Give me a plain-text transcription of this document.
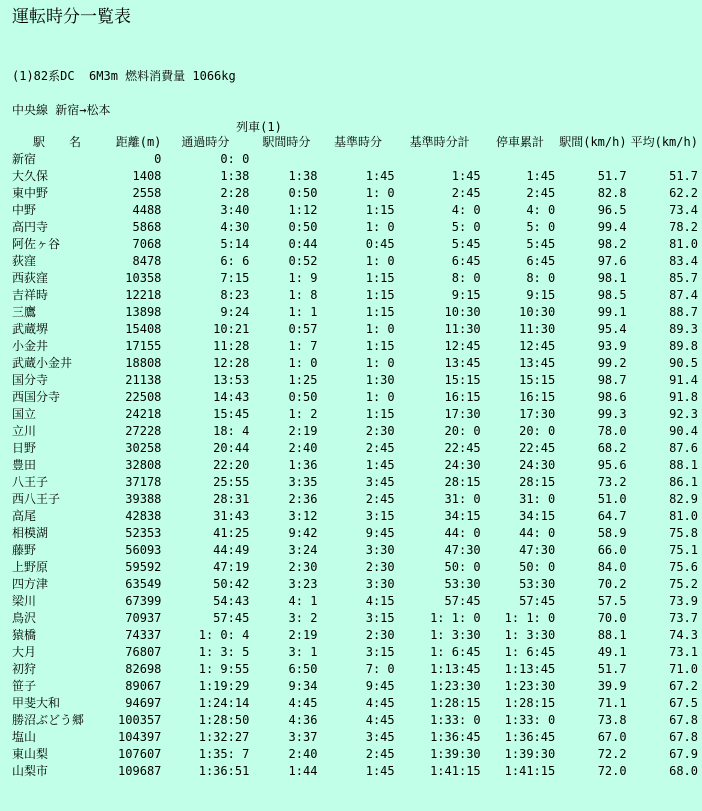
運転時分一覧表
(1)82系DC  6M3m 燃料消費量 1066kg
中央線 新宿→松本
列車(1)
駅　　名	距離(m)	通過時分	駅間時分	基準時分	基準時分計	停車累計	駅間(km/h)	平均(km/h)
新宿	0	0: 0						
大久保	1408	1:38	1:38	1:45	1:45	1:45	51.7	51.7
東中野	2558	2:28	0:50	1: 0	2:45	2:45	82.8	62.2
中野	4488	3:40	1:12	1:15	4: 0	4: 0	96.5	73.4
高円寺	5868	4:30	0:50	1: 0	5: 0	5: 0	99.4	78.2
阿佐ヶ谷	7068	5:14	0:44	0:45	5:45	5:45	98.2	81.0
荻窪	8478	6: 6	0:52	1: 0	6:45	6:45	97.6	83.4
西荻窪	10358	7:15	1: 9	1:15	8: 0	8: 0	98.1	85.7
吉祥時	12218	8:23	1: 8	1:15	9:15	9:15	98.5	87.4
三鷹	13898	9:24	1: 1	1:15	10:30	10:30	99.1	88.7
武蔵堺	15408	10:21	0:57	1: 0	11:30	11:30	95.4	89.3
小金井	17155	11:28	1: 7	1:15	12:45	12:45	93.9	89.8
武蔵小金井	18808	12:28	1: 0	1: 0	13:45	13:45	99.2	90.5
国分寺	21138	13:53	1:25	1:30	15:15	15:15	98.7	91.4
西国分寺	22508	14:43	0:50	1: 0	16:15	16:15	98.6	91.8
国立	24218	15:45	1: 2	1:15	17:30	17:30	99.3	92.3
立川	27228	18: 4	2:19	2:30	20: 0	20: 0	78.0	90.4
日野	30258	20:44	2:40	2:45	22:45	22:45	68.2	87.6
豊田	32808	22:20	1:36	1:45	24:30	24:30	95.6	88.1
八王子	37178	25:55	3:35	3:45	28:15	28:15	73.2	86.1
西八王子	39388	28:31	2:36	2:45	31: 0	31: 0	51.0	82.9
高尾	42838	31:43	3:12	3:15	34:15	34:15	64.7	81.0
相模湖	52353	41:25	9:42	9:45	44: 0	44: 0	58.9	75.8
藤野	56093	44:49	3:24	3:30	47:30	47:30	66.0	75.1
上野原	59592	47:19	2:30	2:30	50: 0	50: 0	84.0	75.6
四方津	63549	50:42	3:23	3:30	53:30	53:30	70.2	75.2
梁川	67399	54:43	4: 1	4:15	57:45	57:45	57.5	73.9
鳥沢	70937	57:45	3: 2	3:15	1: 1: 0	1: 1: 0	70.0	73.7
猿橋	74337	1: 0: 4	2:19	2:30	1: 3:30	1: 3:30	88.1	74.3
大月	76807	1: 3: 5	3: 1	3:15	1: 6:45	1: 6:45	49.1	73.1
初狩	82698	1: 9:55	6:50	7: 0	1:13:45	1:13:45	51.7	71.0
笹子	89067	1:19:29	9:34	9:45	1:23:30	1:23:30	39.9	67.2
甲斐大和	94697	1:24:14	4:45	4:45	1:28:15	1:28:15	71.1	67.5
勝沼ぶどう郷	100357	1:28:50	4:36	4:45	1:33: 0	1:33: 0	73.8	67.8
塩山	104397	1:32:27	3:37	3:45	1:36:45	1:36:45	67.0	67.8
東山梨	107607	1:35: 7	2:40	2:45	1:39:30	1:39:30	72.2	67.9
山梨市	109687	1:36:51	1:44	1:45	1:41:15	1:41:15	72.0	68.0
